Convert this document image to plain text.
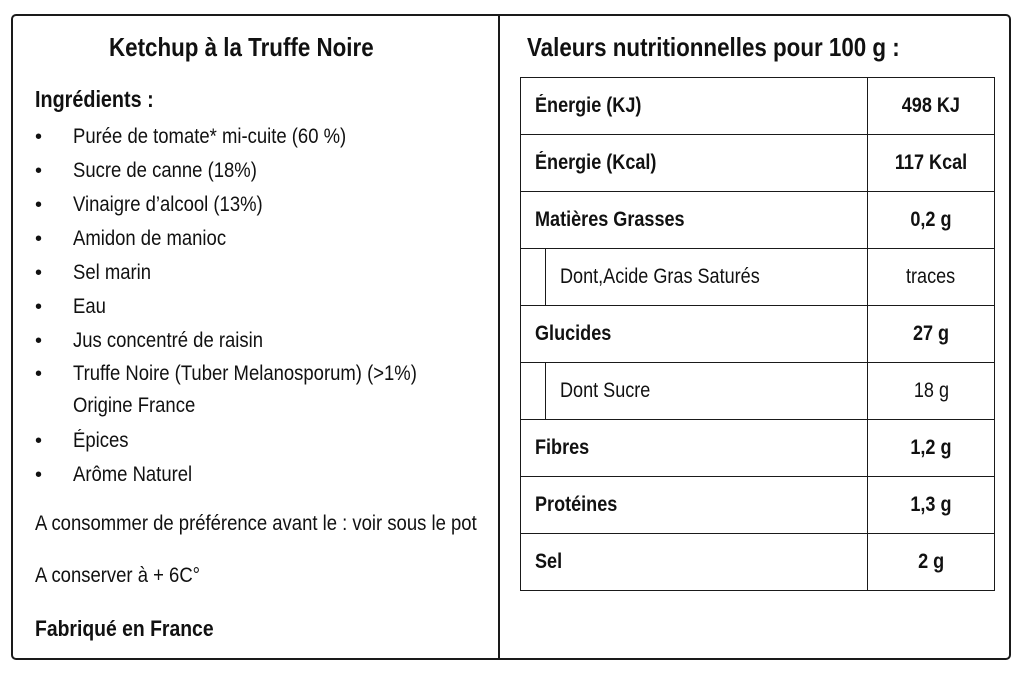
Ketchup à la Truffe Noire
Ingrédients :
• Purée de tomate* mi-cuite (60 %)
• Sucre de canne (18%)
• Vinaigre d’alcool (13%)
• Amidon de manioc
• Sel marin
• Eau
• Jus concentré de raisin
• Truffe Noire (Tuber Melanosporum) (>1%)
Origine France
• Épices
• Arôme Naturel
A consommer de préférence avant le : voir sous le pot
A conserver à + 6C°
Fabriqué en France
Valeurs nutritionnelles pour 100 g :
Énergie (KJ)	498 KJ
Énergie (Kcal)	117 Kcal
Matières Grasses	0,2 g

Dont,Acide Gras Saturés	traces
Glucides	27 g

Dont Sucre	18 g
Fibres	1,2 g
Protéines	1,3 g
Sel	2 g
